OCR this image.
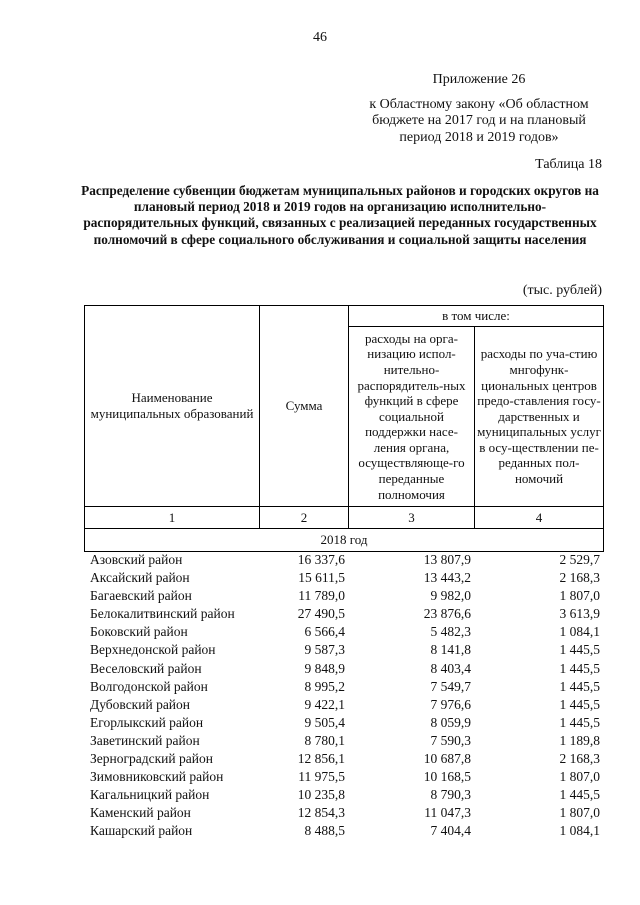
46
Приложение 26
к Областному закону «Об областном бюджете на 2017 год и на плановый период 2018 и 2019 годов»
Таблица 18
Распределение субвенции бюджетам муниципальных районов и городских округов на плановый период 2018 и 2019 годов на организацию исполнительно-распорядительных функций, связанных с реализацией переданных государственных полномочий в сфере социального обслуживания и социальной защиты населения
(тыс. рублей)
Наименование муниципальных образований	Сумма	в том числе:	
		расходы на орга-низацию испол-нительно-распорядитель-ных функций в сфере социальной поддержки насе-ления органа, осуществляюще-го переданные полномочия	расходы по уча-стию мнгофунк-циональных центров предо-ставления госу-дарственных и муниципальных услуг в осу-ществлении пе-реданных пол-номочий
1	2	3	4
2018 год			
Азовский район	16 337,6	13 807,9	2 529,7
Аксайский район	15 611,5	13 443,2	2 168,3
Багаевский район	11 789,0	9 982,0	1 807,0
Белокалитвинский район	27 490,5	23 876,6	3 613,9
Боковский район	6 566,4	5 482,3	1 084,1
Верхнедонской район	9 587,3	8 141,8	1 445,5
Веселовский район	9 848,9	8 403,4	1 445,5
Волгодонской район	8 995,2	7 549,7	1 445,5
Дубовский район	9 422,1	7 976,6	1 445,5
Егорлыкский район	9 505,4	8 059,9	1 445,5
Заветинский район	8 780,1	7 590,3	1 189,8
Зерноградский район	12 856,1	10 687,8	2 168,3
Зимовниковский район	11 975,5	10 168,5	1 807,0
Кагальницкий район	10 235,8	8 790,3	1 445,5
Каменский район	12 854,3	11 047,3	1 807,0
Кашарский район	8 488,5	7 404,4	1 084,1
